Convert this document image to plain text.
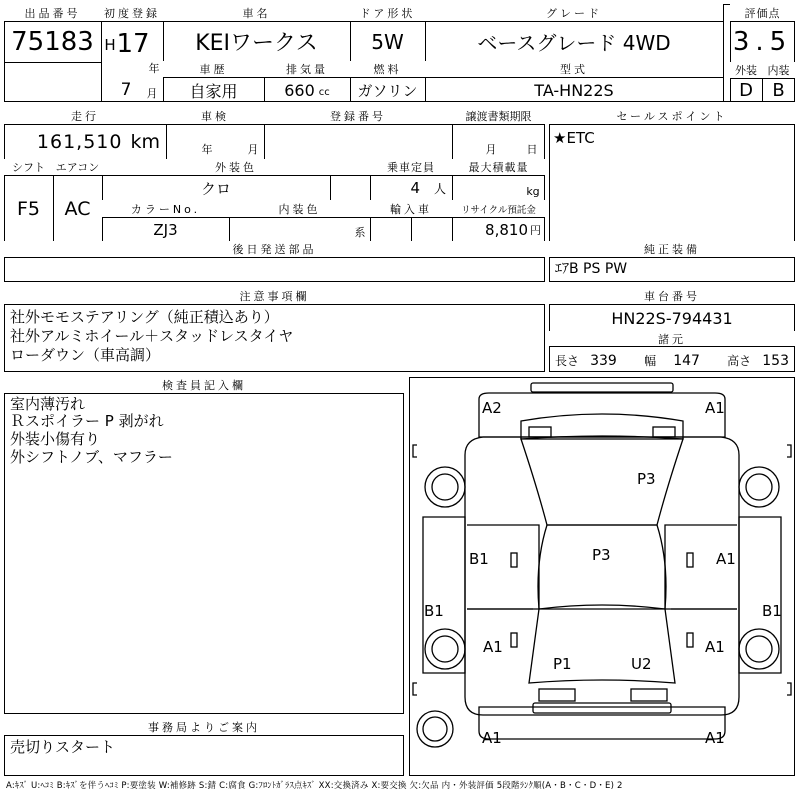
出品番号
75183
初度登録
H 17
年
7	月
車名
KEIワークス
ドア形状
5W
グレード
ベースグレード 4WD
車歴
自家用
排気量
660 cc
燃料
ガソリン
型式
TA-HN22S
評価点
3.5
外装 内装
D	B
走行
161,510 km
車検
年	月
登録番号	譲渡書類期限
月	日
シフト
F5
エアコン
AC
外装色
クロ
乗車定員
4 人
最大積載量
kg
カラーNo.
ZJ3
内装色
系
輸入車	リサイクル預託金
8,810 円
後日発送部品
セールスポイント
★ETC
純正装備
ｴｱB PS PW
注意事項欄
社外モモステアリング（純正積込あり）
社外アルミホイール＋スタッドレスタイヤ
ローダウン（車高調）
車台番号
HN22S-794431
諸元
長さ 339 幅 147 高さ 153
検査員記入欄
室内薄汚れ
Ｒスポイラー P 剥がれ
外装小傷有り
外シフトノブ、マフラー
事務局よりご案内
売切りスタート
A2	A1
P3
B1	P3	A1
B1	B1
A1	A1
P1	U2
A1	A1
A:ｷｽﾞ U:ﾍｺﾐ B:ｷｽﾞを伴うﾍｺﾐ P:要塗装 W:補修跡 S:錆 C:腐食 G:ﾌﾛﾝﾄｶﾞﾗｽ点ｷｽﾞ XX:交換済み X:要交換 欠:欠品 内・外装評価 5段階ﾗﾝｸ順(A・B・C・D・E) 2
